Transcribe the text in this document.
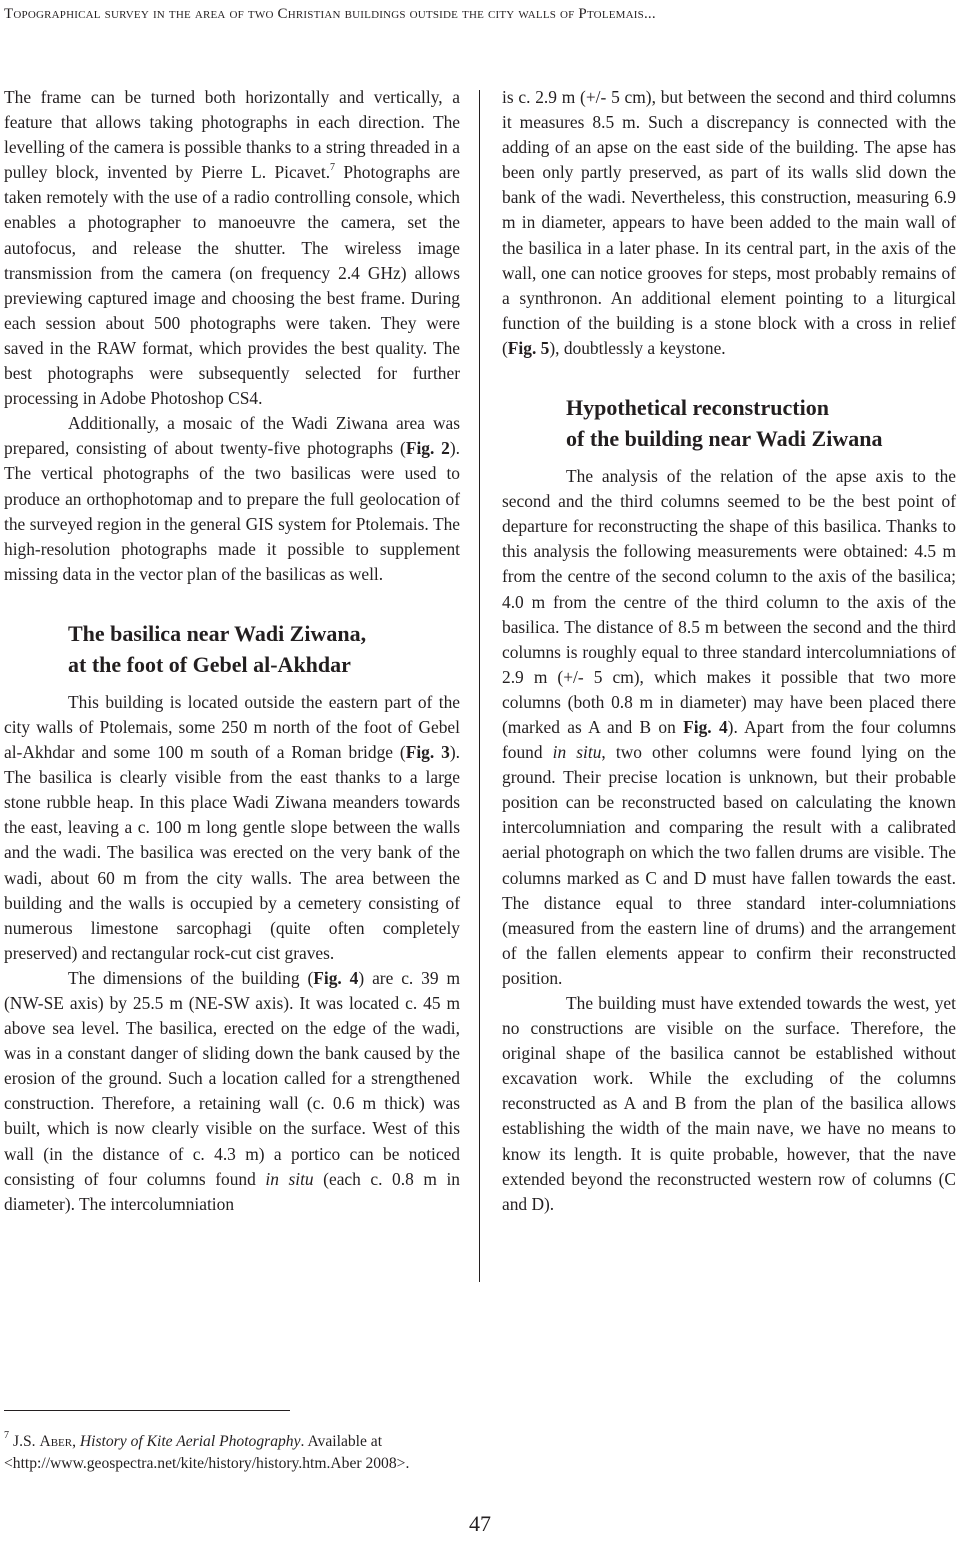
Topographical survey in the area of two Christian buildings outside the city walls of Ptolemais...

The frame can be turned both horizontally and vertically, a feature that allows taking photographs in each direction. The levelling of the camera is possible thanks to a string threaded in a pulley block, invented by Pierre L. Picavet.$^7$ Photographs are taken remotely with the use of a radio controlling console, which enables a photographer to manoeuvre the camera, set the autofocus, and release the shutter. The wireless image transmission from the camera (on frequency 2.4 GHz) allows previewing captured image and choosing the best frame. During each session about 500 photographs were taken. They were saved in the RAW format, which provides the best quality. The best photographs were subsequently selected for further processing in Adobe Photoshop CS4.

Additionally, a mosaic of the Wadi Ziwana area was prepared, consisting of about twenty-five photographs (Fig. 2). The vertical photographs of the two basilicas were used to produce an orthophotomap and to prepare the full geolocation of the surveyed region in the general GIS system for Ptolemais. The high-resolution photographs made it possible to supplement missing data in the vector plan of the basilicas as well.

The basilica near Wadi Ziwana,
at the foot of Gebel al-Akhdar

This building is located outside the eastern part of the city walls of Ptolemais, some 250 m north of the foot of Gebel al-Akhdar and some 100 m south of a Roman bridge (Fig. 3). The basilica is clearly visible from the east thanks to a large stone rubble heap. In this place Wadi Ziwana meanders towards the east, leaving a c. 100 m long gentle slope between the walls and the wadi. The basilica was erected on the very bank of the wadi, about 60 m from the city walls. The area between the building and the walls is occupied by a cemetery consisting of numerous limestone sarcophagi (quite often completely preserved) and rectangular rock-cut cist graves.

The dimensions of the building (Fig. 4) are c. 39 m (NW-SE axis) by 25.5 m (NE-SW axis). It was located c. 45 m above sea level. The basilica, erected on the edge of the wadi, was in a constant danger of sliding down the bank caused by the erosion of the ground. Such a location called for a strengthened construction. Therefore, a retaining wall (c. 0.6 m thick) was built, which is now clearly visible on the surface. West of this wall (in the distance of c. 4.3 m) a portico can be noticed consisting of four columns found in situ (each c. 0.8 m in diameter). The intercolumniation

is c. 2.9 m (+/- 5 cm), but between the second and third columns it measures 8.5 m. Such a discrepancy is connected with the adding of an apse on the east side of the building. The apse has been only partly preserved, as part of its walls slid down the bank of the wadi. Nevertheless, this construction, measuring 6.9 m in diameter, appears to have been added to the main wall of the basilica in a later phase. In its central part, in the axis of the wall, one can notice grooves for steps, most probably remains of a synthronon. An additional element pointing to a liturgical function of the building is a stone block with a cross in relief (Fig. 5), doubtlessly a keystone.

Hypothetical reconstruction
of the building near Wadi Ziwana

The analysis of the relation of the apse axis to the second and the third columns seemed to be the best point of departure for reconstructing the shape of this basilica. Thanks to this analysis the following measurements were obtained: 4.5 m from the centre of the second column to the axis of the basilica; 4.0 m from the centre of the third column to the axis of the basilica. The distance of 8.5 m between the second and the third columns is roughly equal to three standard intercolumniations of 2.9 m (+/- 5 cm), which makes it possible that two more columns (both 0.8 m in diameter) may have been placed there (marked as A and B on Fig. 4). Apart from the four columns found in situ, two other columns were found lying on the ground. Their precise location is unknown, but their probable position can be reconstructed based on calculating the known intercolumniation and comparing the result with a calibrated aerial photograph on which the two fallen drums are visible. The columns marked as C and D must have fallen towards the east. The distance equal to three standard inter-columniations (measured from the eastern line of drums) and the arrangement of the fallen elements appear to confirm their reconstructed position.

The building must have extended towards the west, yet no constructions are visible on the surface. Therefore, the original shape of the basilica cannot be established without excavation work. While the excluding of the columns reconstructed as A and B from the plan of the basilica allows establishing the width of the main nave, we have no means to know its length. It is quite probable, however, that the nave extended beyond the reconstructed western row of columns (C and D).

$^7$ J.S. Aber, History of Kite Aerial Photography. Available at
<http://www.geospectra.net/kite/history/history.htm.Aber 2008>.
47
